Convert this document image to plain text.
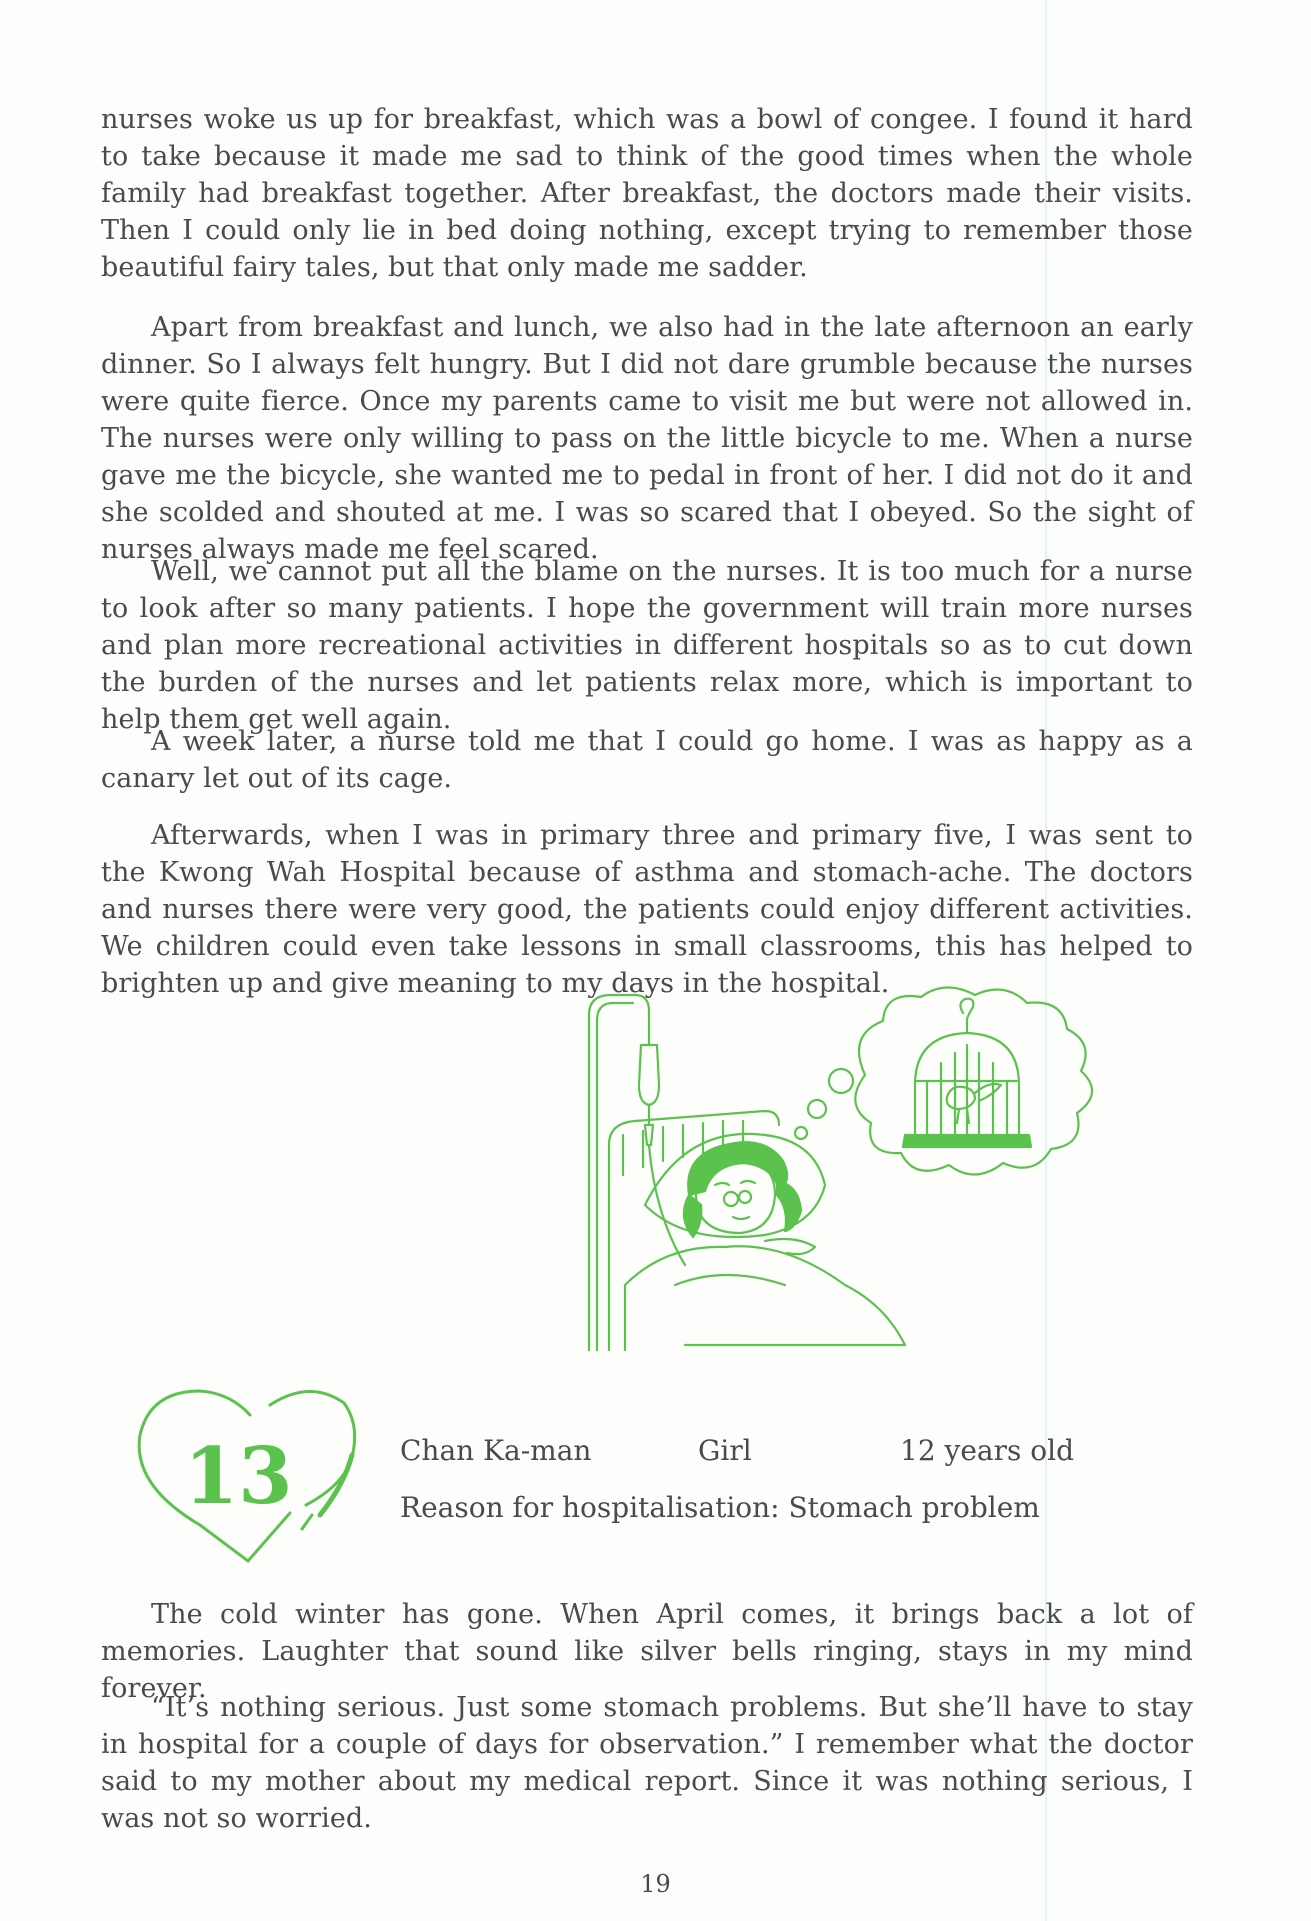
nurses woke us up for breakfast, which was a bowl of congee. I found it hard to take because it made me sad to think of the good times when the whole family had breakfast together. After breakfast, the doctors made their visits. Then I could only lie in bed doing nothing, except trying to remember those beautiful fairy tales, but that only made me sadder.

Apart from breakfast and lunch, we also had in the late afternoon an early dinner. So I always felt hungry. But I did not dare grumble because the nurses were quite fierce. Once my parents came to visit me but were not allowed in. The nurses were only willing to pass on the little bicycle to me. When a nurse gave me the bicycle, she wanted me to pedal in front of her. I did not do it and she scolded and shouted at me. I was so scared that I obeyed. So the sight of nurses always made me feel scared.

Well, we cannot put all the blame on the nurses. It is too much for a nurse to look after so many patients. I hope the government will train more nurses and plan more recreational activities in different hospitals so as to cut down the burden of the nurses and let patients relax more, which is important to help them get well again.

A week later, a nurse told me that I could go home. I was as happy as a canary let out of its cage.

Afterwards, when I was in primary three and primary five, I was sent to the Kwong Wah Hospital because of asthma and stomach-ache. The doctors and nurses there were very good, the patients could enjoy different activities. We children could even take lessons in small classrooms, this has helped to brighten up and give meaning to my days in the hospital.

13	Chan Ka-man	Girl	12 years old
Reason for hospitalisation: Stomach problem

The cold winter has gone. When April comes, it brings back a lot of memories. Laughter that sound like silver bells ringing, stays in my mind forever.

“It’s nothing serious. Just some stomach problems. But she’ll have to stay in hospital for a couple of days for observation.” I remember what the doctor said to my mother about my medical report. Since it was nothing serious, I was not so worried.

19
